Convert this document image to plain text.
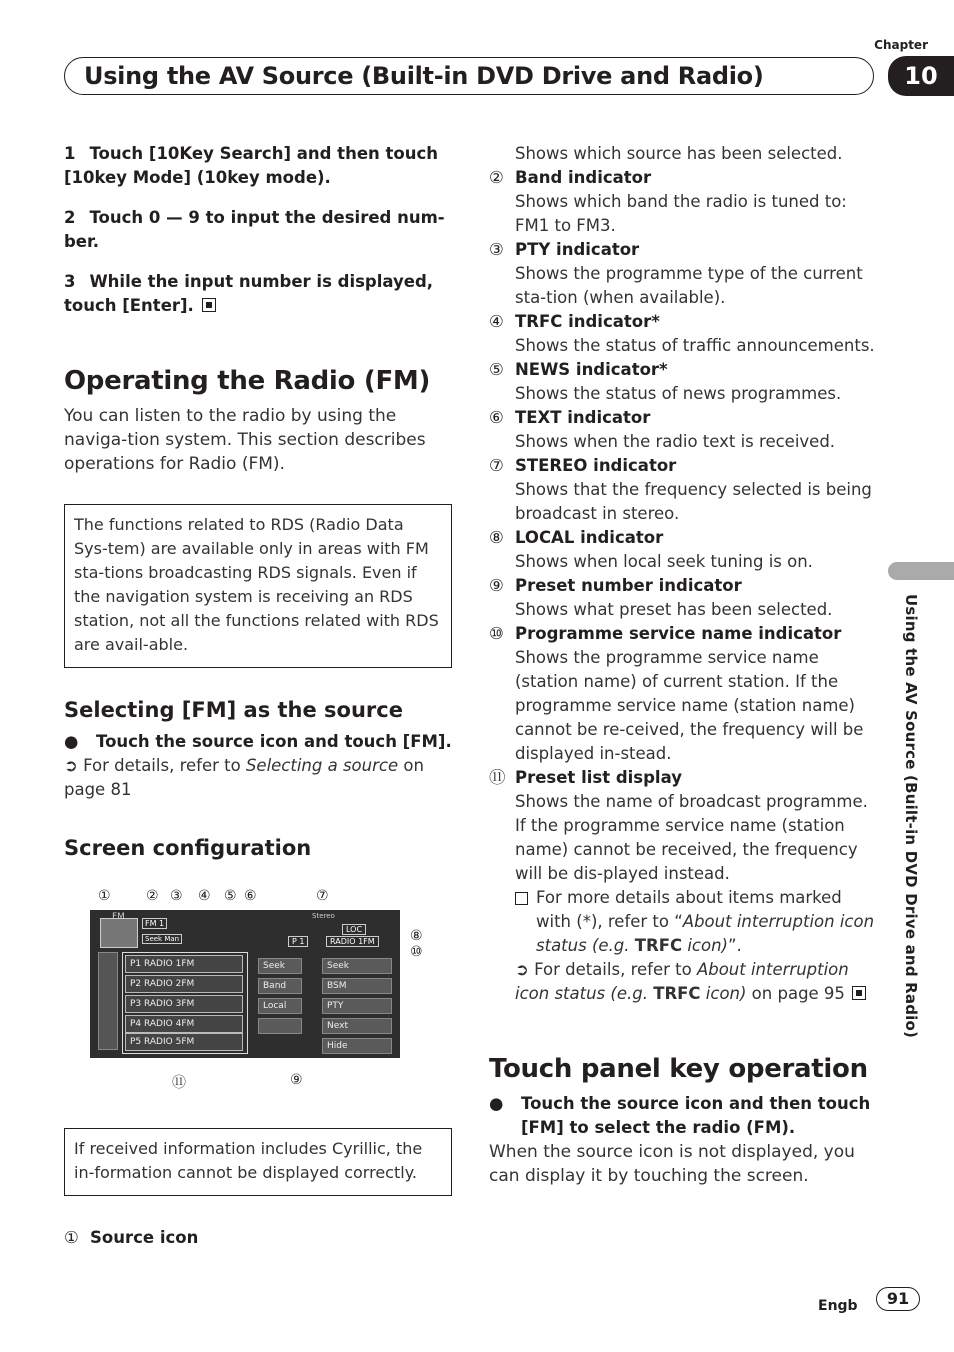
Chapter
10
Using the AV Source (Built-in DVD Drive and Radio)

1 Touch [10Key Search] and then touch [10key Mode] (10key mode).

2 Touch 0 — 9 to input the desired num-ber.

3 While the input number is displayed, touch [Enter].

Operating the Radio (FM)

You can listen to the radio by using the naviga-tion system. This section describes operations for Radio (FM).

The functions related to RDS (Radio Data Sys-tem) are available only in areas with FM sta-tions broadcasting RDS signals. Even if the navigation system is receiving an RDS station, not all the functions related with RDS are avail-able.
Selecting [FM] as the source

●	Touch the source icon and touch [FM].

➲ For details, refer to Selecting a source on page 81

Screen configuration
①	② ③ ④ ⑤ ⑥	⑦
⑧
⑩
⑪	⑨
FM
FM 1
Seek Man
Stereo
LOC
P 1	RADIO 1FM
P1 RADIO 1FM
P2 RADIO 2FM
P3 RADIO 3FM
P4 RADIO 4FM
P5 RADIO 5FM
Seek
Band
Local
Seek
BSM
PTY
Next
Hide
If received information includes Cyrillic, the in-formation cannot be displayed correctly.
① Source icon
Shows which source has been selected.
② Band indicator
Shows which band the radio is tuned to: FM1 to FM3.
③ PTY indicator
Shows the programme type of the current sta-tion (when available).
④ TRFC indicator*
Shows the status of traffic announcements.
⑤ NEWS indicator*
Shows the status of news programmes.
⑥ TEXT indicator
Shows when the radio text is received.
⑦ STEREO indicator
Shows that the frequency selected is being broadcast in stereo.
⑧ LOCAL indicator
Shows when local seek tuning is on.
⑨ Preset number indicator
Shows what preset has been selected.
⑩ Programme service name indicator
Shows the programme service name (station name) of current station. If the programme service name (station name) cannot be re-ceived, the frequency will be displayed in-stead.
⑪ Preset list display
Shows the name of broadcast programme. If the programme service name (station name) cannot be received, the frequency will be dis-played instead.

For more details about items marked with (*), refer to “About interruption icon status (e.g. TRFC icon)”.

➲ For details, refer to About interruption icon status (e.g. TRFC icon) on page 95

Touch panel key operation

●	Touch the source icon and then touch [FM] to select the radio (FM).

When the source icon is not displayed, you can display it by touching the screen.

Using the AV Source (Built-in DVD Drive and Radio)
Engb	91
